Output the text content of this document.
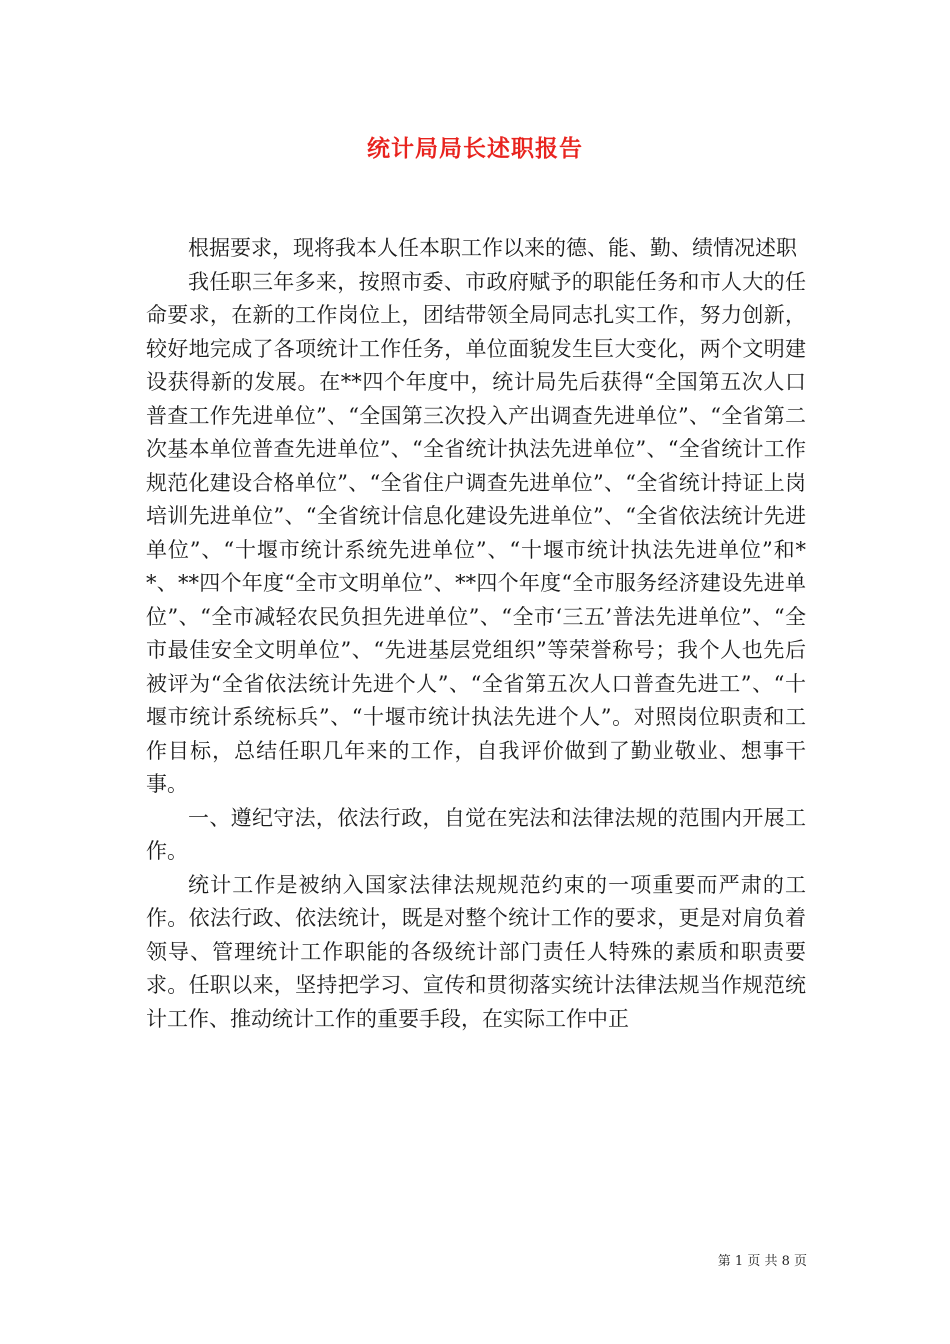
统计局局长述职报告

根据要求，现将我本人任本职工作以来的德、能、勤、绩情况述职

我任职三年多来，按照市委、市政府赋予的职能任务和市人大的任命要求，在新的工作岗位上，团结带领全局同志扎实工作，努力创新，较好地完成了各项统计工作任务，单位面貌发生巨大变化，两个文明建设获得新的发展。在**四个年度中，统计局先后获得“全国第五次人口普查工作先进单位”、“全国第三次投入产出调查先进单位”、“全省第二次基本单位普查先进单位”、“全省统计执法先进单位”、“全省统计工作规范化建设合格单位”、“全省住户调查先进单位”、“全省统计持证上岗培训先进单位”、“全省统计信息化建设先进单位”、“全省依法统计先进单位”、“十堰市统计系统先进单位”、“十堰市统计执法先进单位”和**、**四个年度“全市文明单位”、**四个年度“全市服务经济建设先进单位”、“全市减轻农民负担先进单位”、“全市‘三五’普法先进单位”、“全市最佳安全文明单位”、“先进基层党组织”等荣誉称号；我个人也先后被评为“全省依法统计先进个人”、“全省第五次人口普查先进工”、“十堰市统计系统标兵”、“十堰市统计执法先进个人”。对照岗位职责和工作目标，总结任职几年来的工作，自我评价做到了勤业敬业、想事干事。

一、遵纪守法，依法行政，自觉在宪法和法律法规的范围内开展工作。

统计工作是被纳入国家法律法规规范约束的一项重要而严肃的工作。依法行政、依法统计，既是对整个统计工作的要求，更是对肩负着领导、管理统计工作职能的各级统计部门责任人特殊的素质和职责要求。任职以来，坚持把学习、宣传和贯彻落实统计法律法规当作规范统计工作、推动统计工作的重要手段，在实际工作中正

第 1 页 共 8 页
